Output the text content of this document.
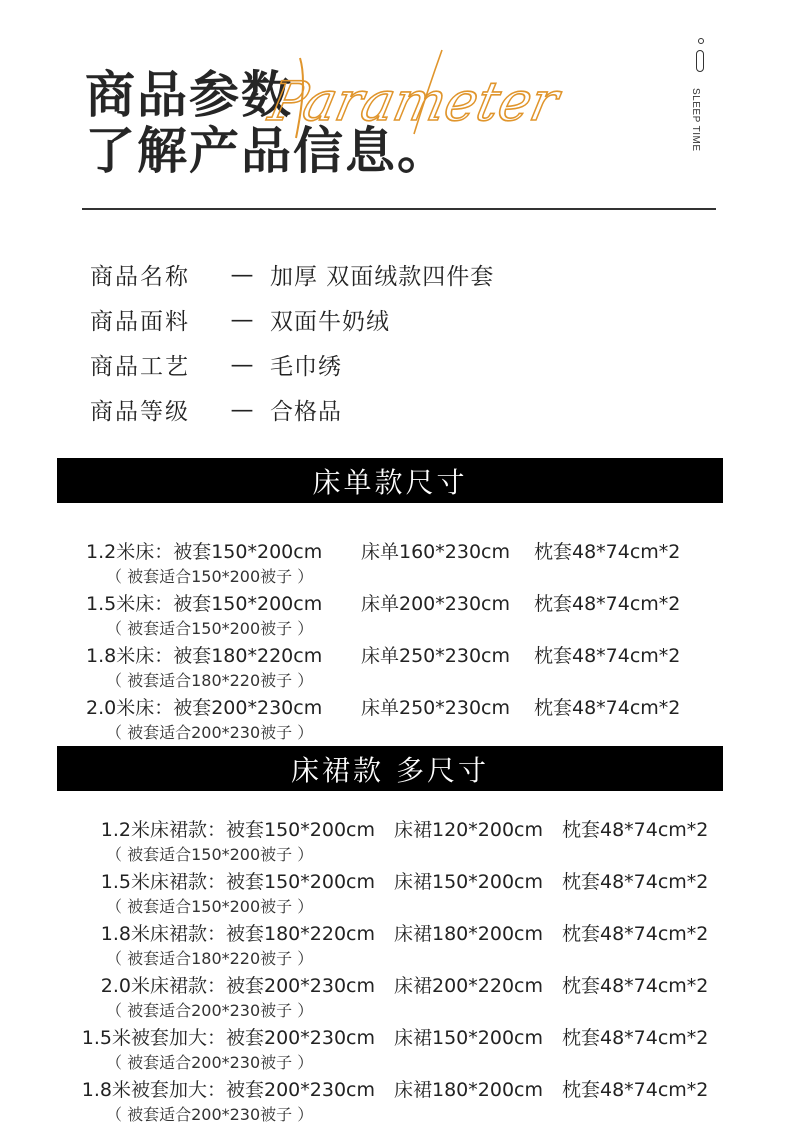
商品参数
了解产品信息。
Parameter	SLEEP TIME
商品名称	— 加厚 双面绒款四件套
商品面料	— 双面牛奶绒
商品工艺	— 毛巾绣
商品等级	— 合格品
床单款尺寸
1.2米床：被套150*200cm	床单160*230cm	枕套48*74cm*2
（ 被套适合150*200被子 ）
1.5米床：被套150*200cm	床单200*230cm	枕套48*74cm*2
（ 被套适合150*200被子 ）
1.8米床：被套180*220cm	床单250*230cm	枕套48*74cm*2
（ 被套适合180*220被子 ）
2.0米床：被套200*230cm	床单250*230cm	枕套48*74cm*2
（ 被套适合200*230被子 ）
床裙款 多尺寸
1.2米床裙款： 被套150*200cm	床裙120*200cm	枕套48*74cm*2
（ 被套适合150*200被子 ）
1.5米床裙款： 被套150*200cm	床裙150*200cm	枕套48*74cm*2
（ 被套适合150*200被子 ）
1.8米床裙款： 被套180*220cm	床裙180*200cm	枕套48*74cm*2
（ 被套适合180*220被子 ）
2.0米床裙款： 被套200*230cm	床裙200*220cm	枕套48*74cm*2
（ 被套适合200*230被子 ）
1.5米被套加大： 被套200*230cm	床裙150*200cm	枕套48*74cm*2
（ 被套适合200*230被子 ）
1.8米被套加大： 被套200*230cm	床裙180*200cm	枕套48*74cm*2
（ 被套适合200*230被子 ）
